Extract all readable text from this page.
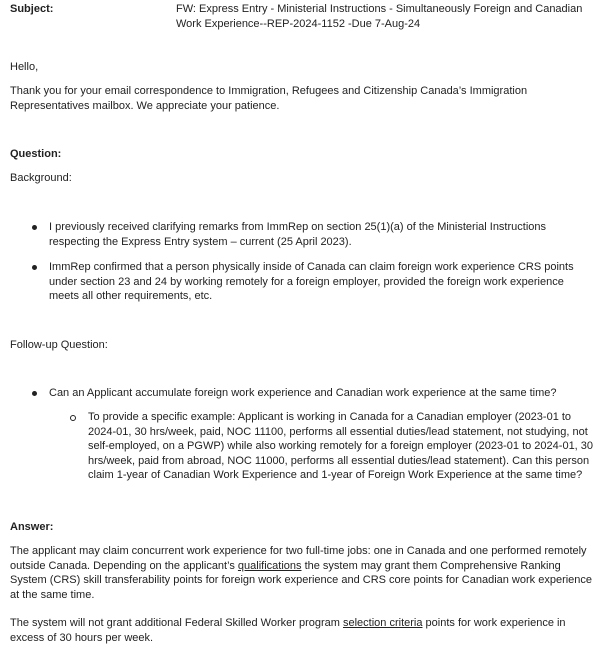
Subject:	FW: Express Entry - Ministerial Instructions - Simultaneously Foreign and Canadian Work Experience--REP-2024-1152 -Due 7-Aug-24
Hello,
Thank you for your email correspondence to Immigration, Refugees and Citizenship Canada’s Immigration Representatives mailbox. We appreciate your patience.
Question:
Background:
I previously received clarifying remarks from ImmRep on section 25(1)(a) of the Ministerial Instructions respecting the Express Entry system – current (25 April 2023).
ImmRep confirmed that a person physically inside of Canada can claim foreign work experience CRS points under section 23 and 24 by working remotely for a foreign employer, provided the foreign work experience meets all other requirements, etc.
Follow-up Question:
Can an Applicant accumulate foreign work experience and Canadian work experience at the same time?
To provide a specific example: Applicant is working in Canada for a Canadian employer (2023-01 to 2024-01, 30 hrs/week, paid, NOC 11100, performs all essential duties/lead statement, not studying, not self-employed, on a PGWP) while also working remotely for a foreign employer (2023-01 to 2024-01, 30 hrs/week, paid from abroad, NOC 11000, performs all essential duties/lead statement). Can this person claim 1-year of Canadian Work Experience and 1-year of Foreign Work Experience at the same time?
Answer:
The applicant may claim concurrent work experience for two full-time jobs: one in Canada and one performed remotely outside Canada. Depending on the applicant’s qualifications the system may grant them Comprehensive Ranking System (CRS) skill transferability points for foreign work experience and CRS core points for Canadian work experience at the same time.
The system will not grant additional Federal Skilled Worker program selection criteria points for work experience in excess of 30 hours per week.
